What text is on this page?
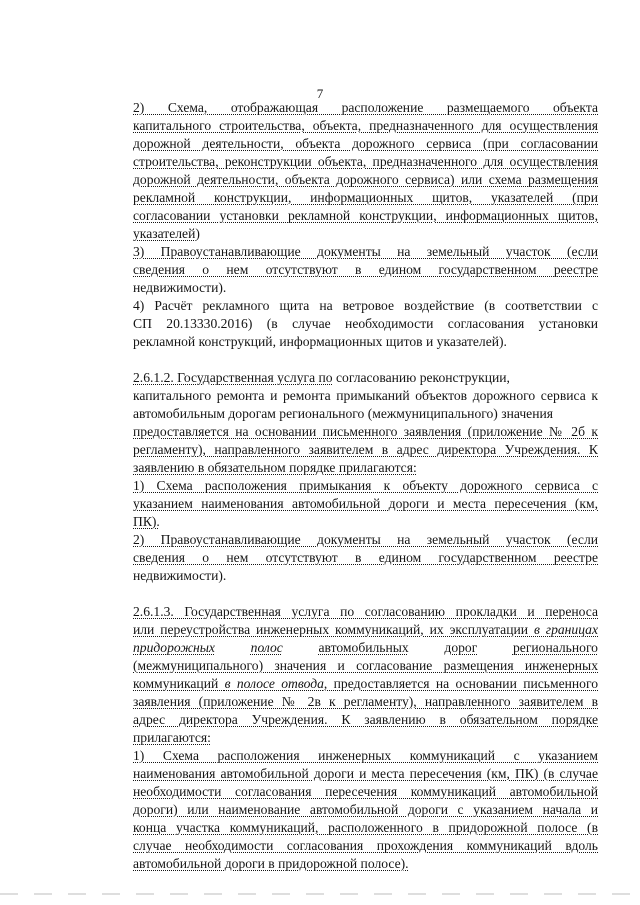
7
2) Схема, отображающая расположение размещаемого объекта
капитального строительства, объекта, предназначенного для осуществления
дорожной деятельности, объекта дорожного сервиса (при согласовании
строительства, реконструкции объекта, предназначенного для осуществления
дорожной деятельности, объекта дорожного сервиса) или схема размещения
рекламной конструкции, информационных щитов, указателей (при
согласовании установки рекламной конструкции, информационных щитов,
указателей)
3) Правоустанавливающие документы на земельный участок (если
сведения о нем отсутствуют в едином государственном реестре
недвижимости).
4) Расчёт рекламного щита на ветровое воздействие (в соответствии с
СП 20.13330.2016) (в случае необходимости согласования установки
рекламной конструкций, информационных щитов и указателей).
2.6.1.2. Государственная услуга по согласованию реконструкции,
капитального ремонта и ремонта примыканий объектов дорожного сервиса к
автомобильным дорогам регионального (межмуниципального) значения
предоставляется на основании письменного заявления (приложение № 2б к
регламенту), направленного заявителем в адрес директора Учреждения. К
заявлению в обязательном порядке прилагаются:
1) Схема расположения примыкания к объекту дорожного сервиса с
указанием наименования автомобильной дороги и места пересечения (км,
ПК).
2) Правоустанавливающие документы на земельный участок (если
сведения о нем отсутствуют в едином государственном реестре
недвижимости).
2.6.1.3. Государственная услуга по согласованию прокладки и переноса
или переустройства инженерных коммуникаций, их эксплуатации в границах
придорожных	полос	автомобильных	дорог	регионального
(межмуниципального) значения и согласование размещения инженерных
коммуникаций в полосе отвода, предоставляется на основании письменного
заявления (приложение № 2в к регламенту), направленного заявителем в
адрес директора Учреждения. К заявлению в обязательном порядке
прилагаются:
1) Схема расположения инженерных коммуникаций с указанием
наименования автомобильной дороги и места пересечения (км, ПК) (в случае
необходимости согласования пересечения коммуникаций автомобильной
дороги) или наименование автомобильной дороги с указанием начала и
конца участка коммуникаций, расположенного в придорожной полосе (в
случае необходимости согласования прохождения коммуникаций вдоль
автомобильной дороги в придорожной полосе).
